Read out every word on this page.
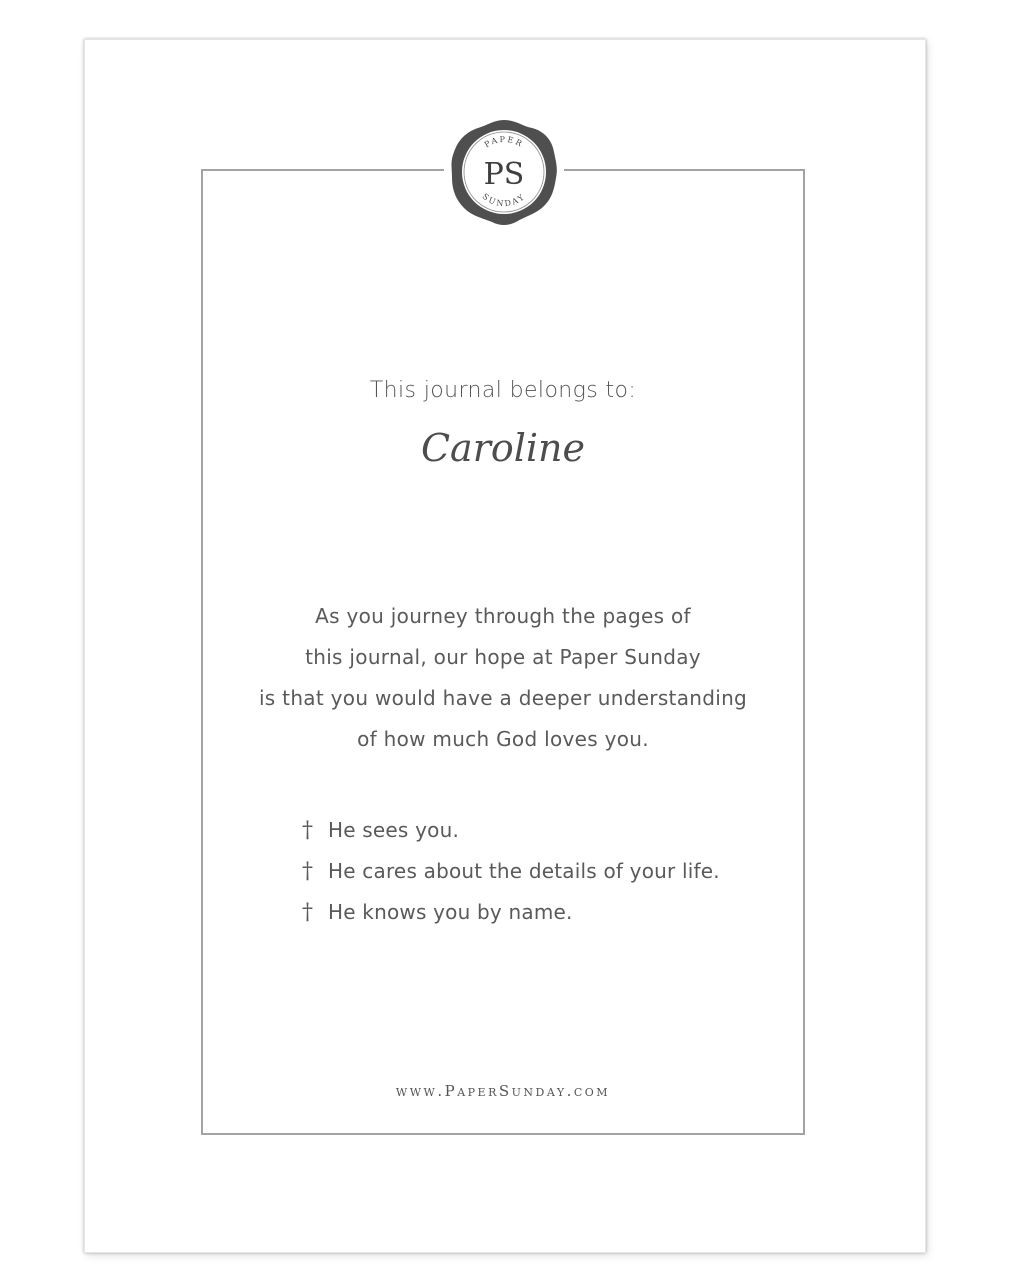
PAPER
SUNDAY
PS
This journal belongs to:
Caroline
As you journey through the pages of
this journal, our hope at Paper Sunday
is that you would have a deeper understanding
of how much God loves you.
† He sees you.
† He cares about the details of your life.
† He knows you by name.
www.PaperSunday.com
